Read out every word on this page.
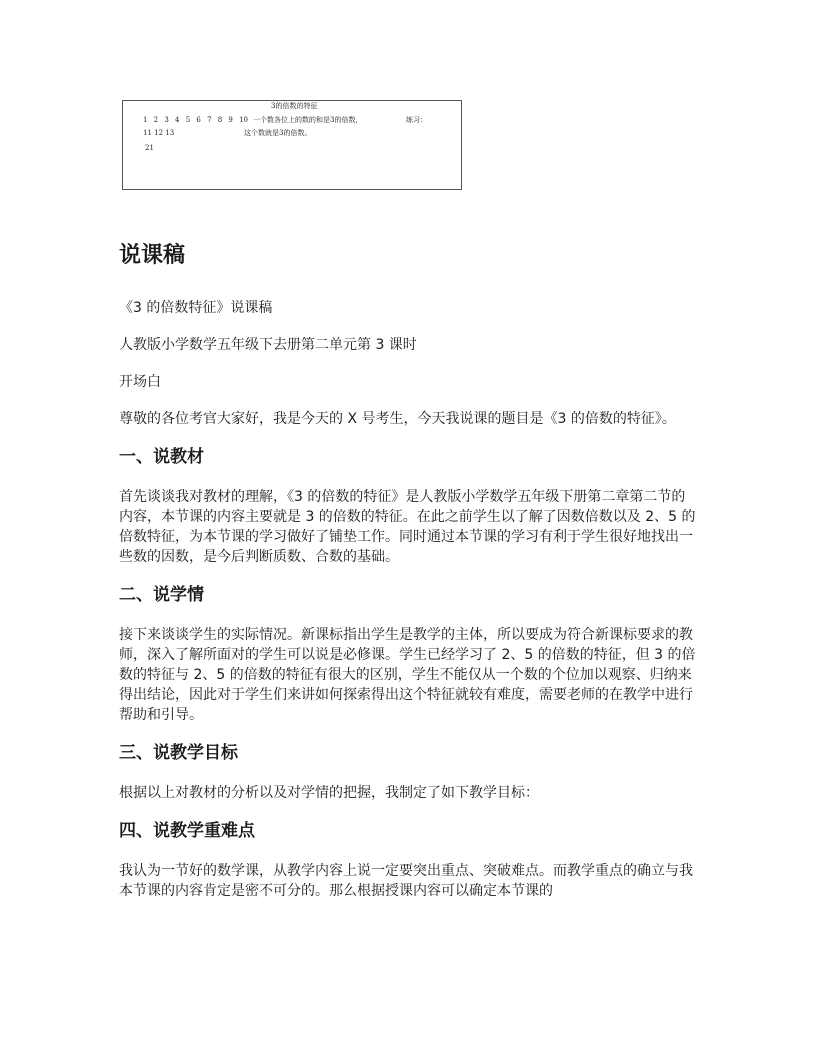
3的倍数的特征
1 2 3 4 5 6 7 8 9 10 一个数各位上的数的和是3的倍数，	练习：
11 12 13	这个数就是3的倍数。
21
说课稿

《3 的倍数特征》说课稿

人教版小学数学五年级下去册第二单元第 3 课时

开场白

尊敬的各位考官大家好，我是今天的 X 号考生，今天我说课的题目是《3 的倍数的特征》。

一、说教材

首先谈谈我对教材的理解，《3 的倍数的特征》是人教版小学数学五年级下册第二章第二节的内容，本节课的内容主要就是 3 的倍数的特征。在此之前学生以了解了因数倍数以及 2、5 的倍数特征，为本节课的学习做好了铺垫工作。同时通过本节课的学习有利于学生很好地找出一些数的因数，是今后判断质数、合数的基础。

二、说学情

接下来谈谈学生的实际情况。新课标指出学生是教学的主体，所以要成为符合新课标要求的教师，深入了解所面对的学生可以说是必修课。学生已经学习了 2、5 的倍数的特征，但 3 的倍数的特征与 2、5 的倍数的特征有很大的区别，学生不能仅从一个数的个位加以观察、归纳来得出结论，因此对于学生们来讲如何探索得出这个特征就较有难度，需要老师的在教学中进行帮助和引导。

三、说教学目标

根据以上对教材的分析以及对学情的把握，我制定了如下教学目标：

四、说教学重难点

我认为一节好的数学课，从教学内容上说一定要突出重点、突破难点。而教学重点的确立与我本节课的内容肯定是密不可分的。那么根据授课内容可以确定本节课的
